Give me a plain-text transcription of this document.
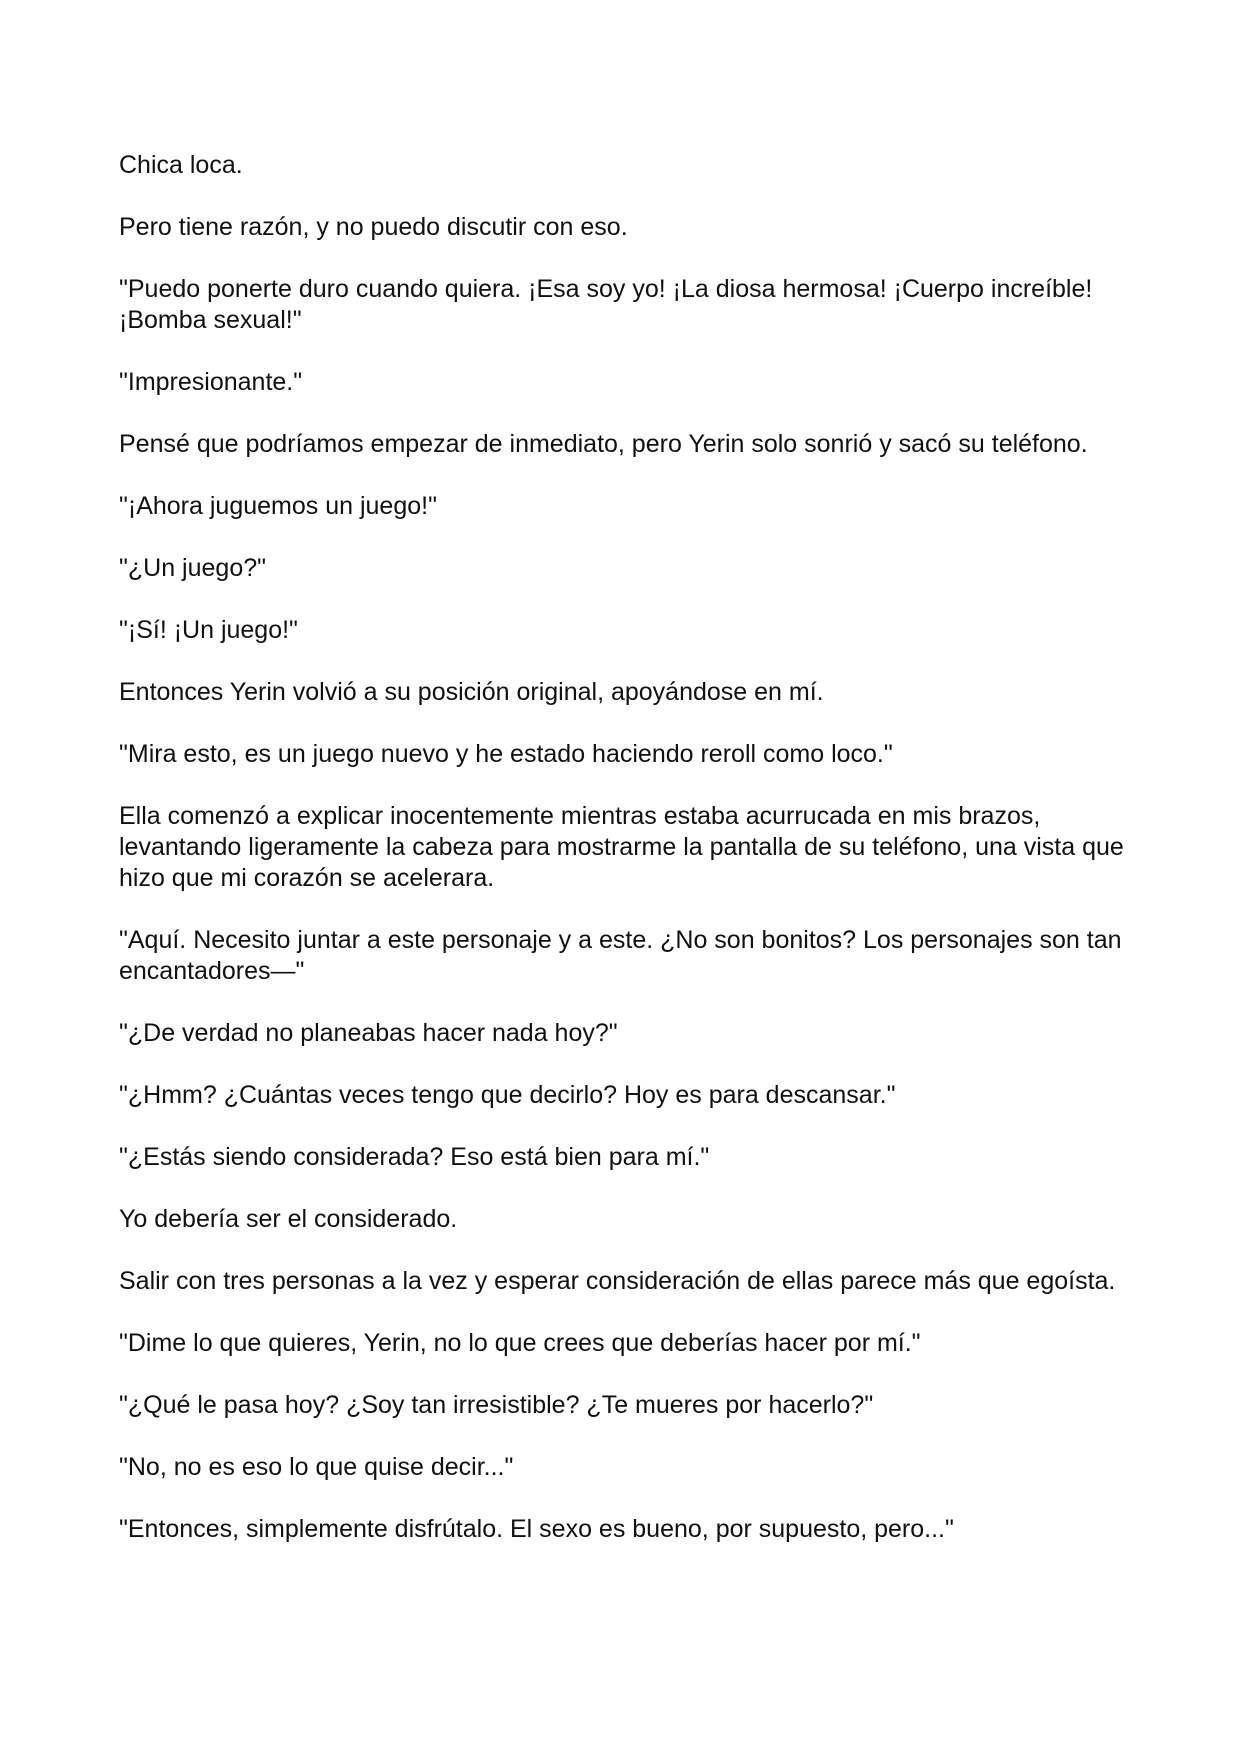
Chica loca.

Pero tiene razón, y no puedo discutir con eso.

"Puedo ponerte duro cuando quiera. ¡Esa soy yo! ¡La diosa hermosa! ¡Cuerpo increíble! ¡Bomba sexual!"

"Impresionante."

Pensé que podríamos empezar de inmediato, pero Yerin solo sonrió y sacó su teléfono.

"¡Ahora juguemos un juego!"

"¿Un juego?"

"¡Sí! ¡Un juego!"

Entonces Yerin volvió a su posición original, apoyándose en mí.

"Mira esto, es un juego nuevo y he estado haciendo reroll como loco."

Ella comenzó a explicar inocentemente mientras estaba acurrucada en mis brazos, levantando ligeramente la cabeza para mostrarme la pantalla de su teléfono, una vista que hizo que mi corazón se acelerara.

"Aquí. Necesito juntar a este personaje y a este. ¿No son bonitos? Los personajes son tan encantadores—"

"¿De verdad no planeabas hacer nada hoy?"

"¿Hmm? ¿Cuántas veces tengo que decirlo? Hoy es para descansar."

"¿Estás siendo considerada? Eso está bien para mí."

Yo debería ser el considerado.

Salir con tres personas a la vez y esperar consideración de ellas parece más que egoísta.

"Dime lo que quieres, Yerin, no lo que crees que deberías hacer por mí."

"¿Qué le pasa hoy? ¿Soy tan irresistible? ¿Te mueres por hacerlo?"

"No, no es eso lo que quise decir..."

"Entonces, simplemente disfrútalo. El sexo es bueno, por supuesto, pero..."
